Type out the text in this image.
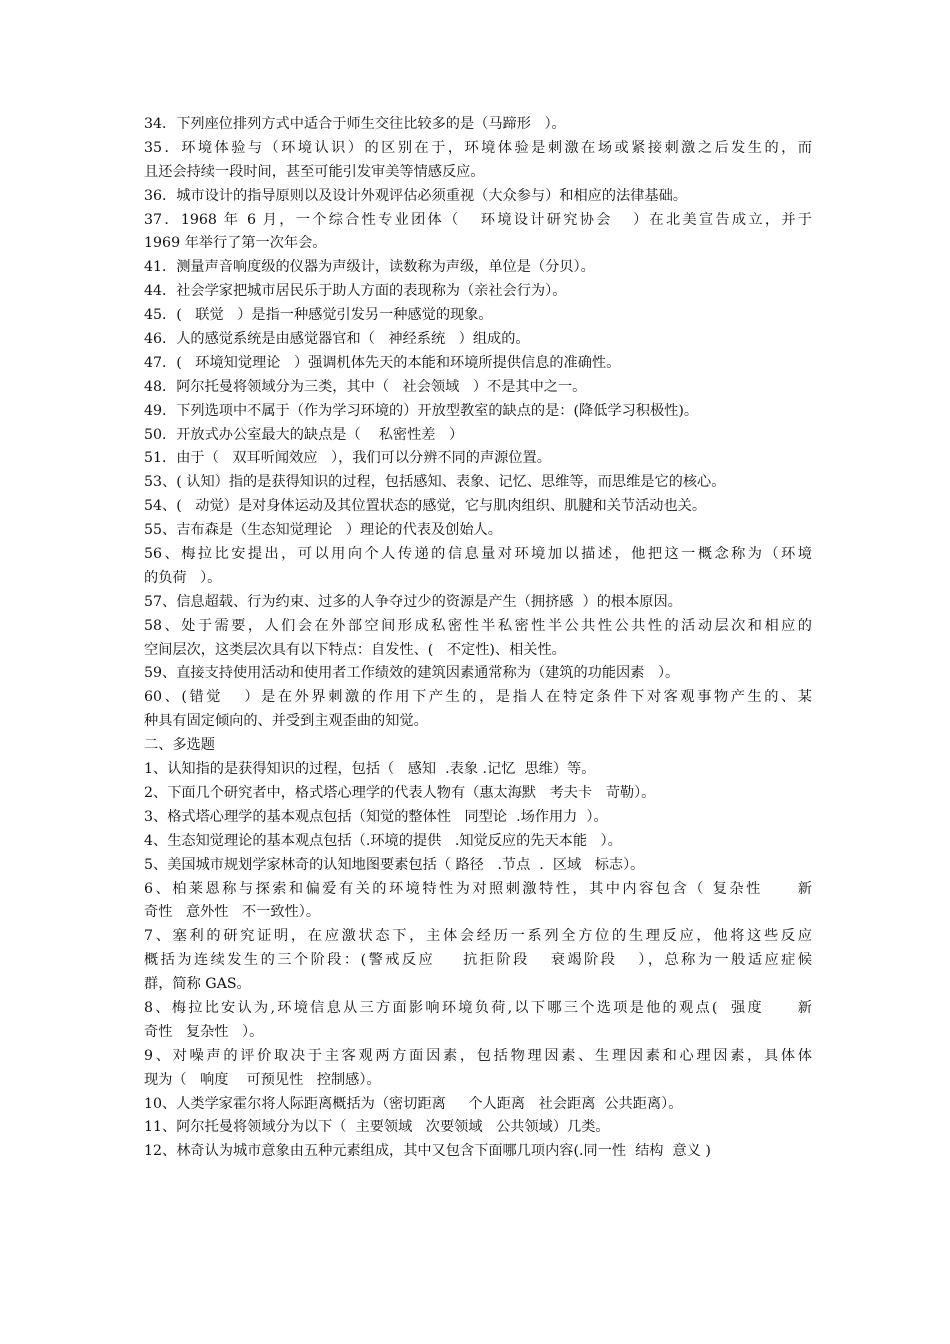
34．下列座位排列方式中适合于师生交往比较多的是（马蹄形   ）。
35．环境体验与（环境认识）的区别在于，环境体验是刺激在场或紧接刺激之后发生的，而
且还会持续一段时间，甚至可能引发审美等情感反应。
36．城市设计的指导原则以及设计外观评估必须重视（大众参与）和相应的法律基础。
37．1968 年 6 月，一个综合性专业团体（   环境设计研究协会   ）在北美宣告成立，并于
1969 年举行了第一次年会。
41．测量声音响度级的仪器为声级计，读数称为声级，单位是（分贝）。
44．社会学家把城市居民乐于助人方面的表现称为（亲社会行为）。
45．(   联觉   ）是指一种感觉引发另一种感觉的现象。
46．人的感觉系统是由感觉器官和（   神经系统   ）组成的。
47．(   环境知觉理论   ）强调机体先天的本能和环境所提供信息的准确性。
48．阿尔托曼将领域分为三类，其中（   社会领域   ）不是其中之一。
49．下列选项中不属于（作为学习环境的）开放型教室的缺点的是：(降低学习积极性)。
50．开放式办公室最大的缺点是（    私密性差   ）
51．由于（   双耳听闻效应   ），我们可以分辨不同的声源位置。
53、( 认知）指的是获得知识的过程，包括感知、表象、记忆、思维等，而思维是它的核心。
54、(   动觉）是对身体运动及其位置状态的感觉，它与肌肉组织、肌腱和关节活动也关。
55、吉布森是（生态知觉理论   ）理论的代表及创始人。
56、梅拉比安提出，可以用向个人传递的信息量对环境加以描述，他把这一概念称为（环境
的负荷   ）。
57、信息超载、行为约束、过多的人争夺过少的资源是产生（拥挤感  ）的根本原因。
58、处于需要，人们会在外部空间形成私密性半私密性半公共性公共性的活动层次和相应的
空间层次，这类层次具有以下特点：自发性、(   不定性)、相关性。
59、直接支持使用活动和使用者工作绩效的建筑因素通常称为（建筑的功能因素   ）。
60、(错觉   ）是在外界刺激的作用下产生的，是指人在特定条件下对客观事物产生的、某
种具有固定倾向的、并受到主观歪曲的知觉。
二、多选题
1、认知指的是获得知识的过程，包括（   感知  .表象 .记忆  思维）等。
2、下面几个研究者中，格式塔心理学的代表人物有（惠太海默   考夫卡   苛勒）。
3、格式塔心理学的基本观点包括（知觉的整体性   同型论  .场作用力  ）。
4、生态知觉理论的基本观点包括（.环境的提供   .知觉反应的先天本能   ）。
5、美国城市规划学家林奇的认知地图要素包括（ 路径   .节点  .  区域   标志）。
6、柏莱恩称与探索和偏爱有关的环境特性为对照刺激特性，其中内容包含（ 复杂性     新
奇性   意外性   不一致性）。
7、塞利的研究证明，在应激状态下，主体会经历一系列全方位的生理反应，他将这些反应
概括为连续发生的三个阶段：(警戒反应    抗拒阶段   衰竭阶段   ），总称为一般适应症候
群，简称 GAS。
8、梅拉比安认为,环境信息从三方面影响环境负荷,以下哪三个选项是他的观点(  强度     新
奇性   复杂性   ）。
9、对噪声的评价取决于主客观两方面因素，包括物理因素、生理因素和心理因素，具体体
现为（   响度    可预见性   控制感）。
10、人类学家霍尔将人际距离概括为（密切距离     个人距离   社会距离  公共距离）。
11、阿尔托曼将领域分为以下（  主要领域   次要领域   公共领域）几类。
12、林奇认为城市意象由五种元素组成，其中又包含下面哪几项内容(.同一性  结构  意义 )
